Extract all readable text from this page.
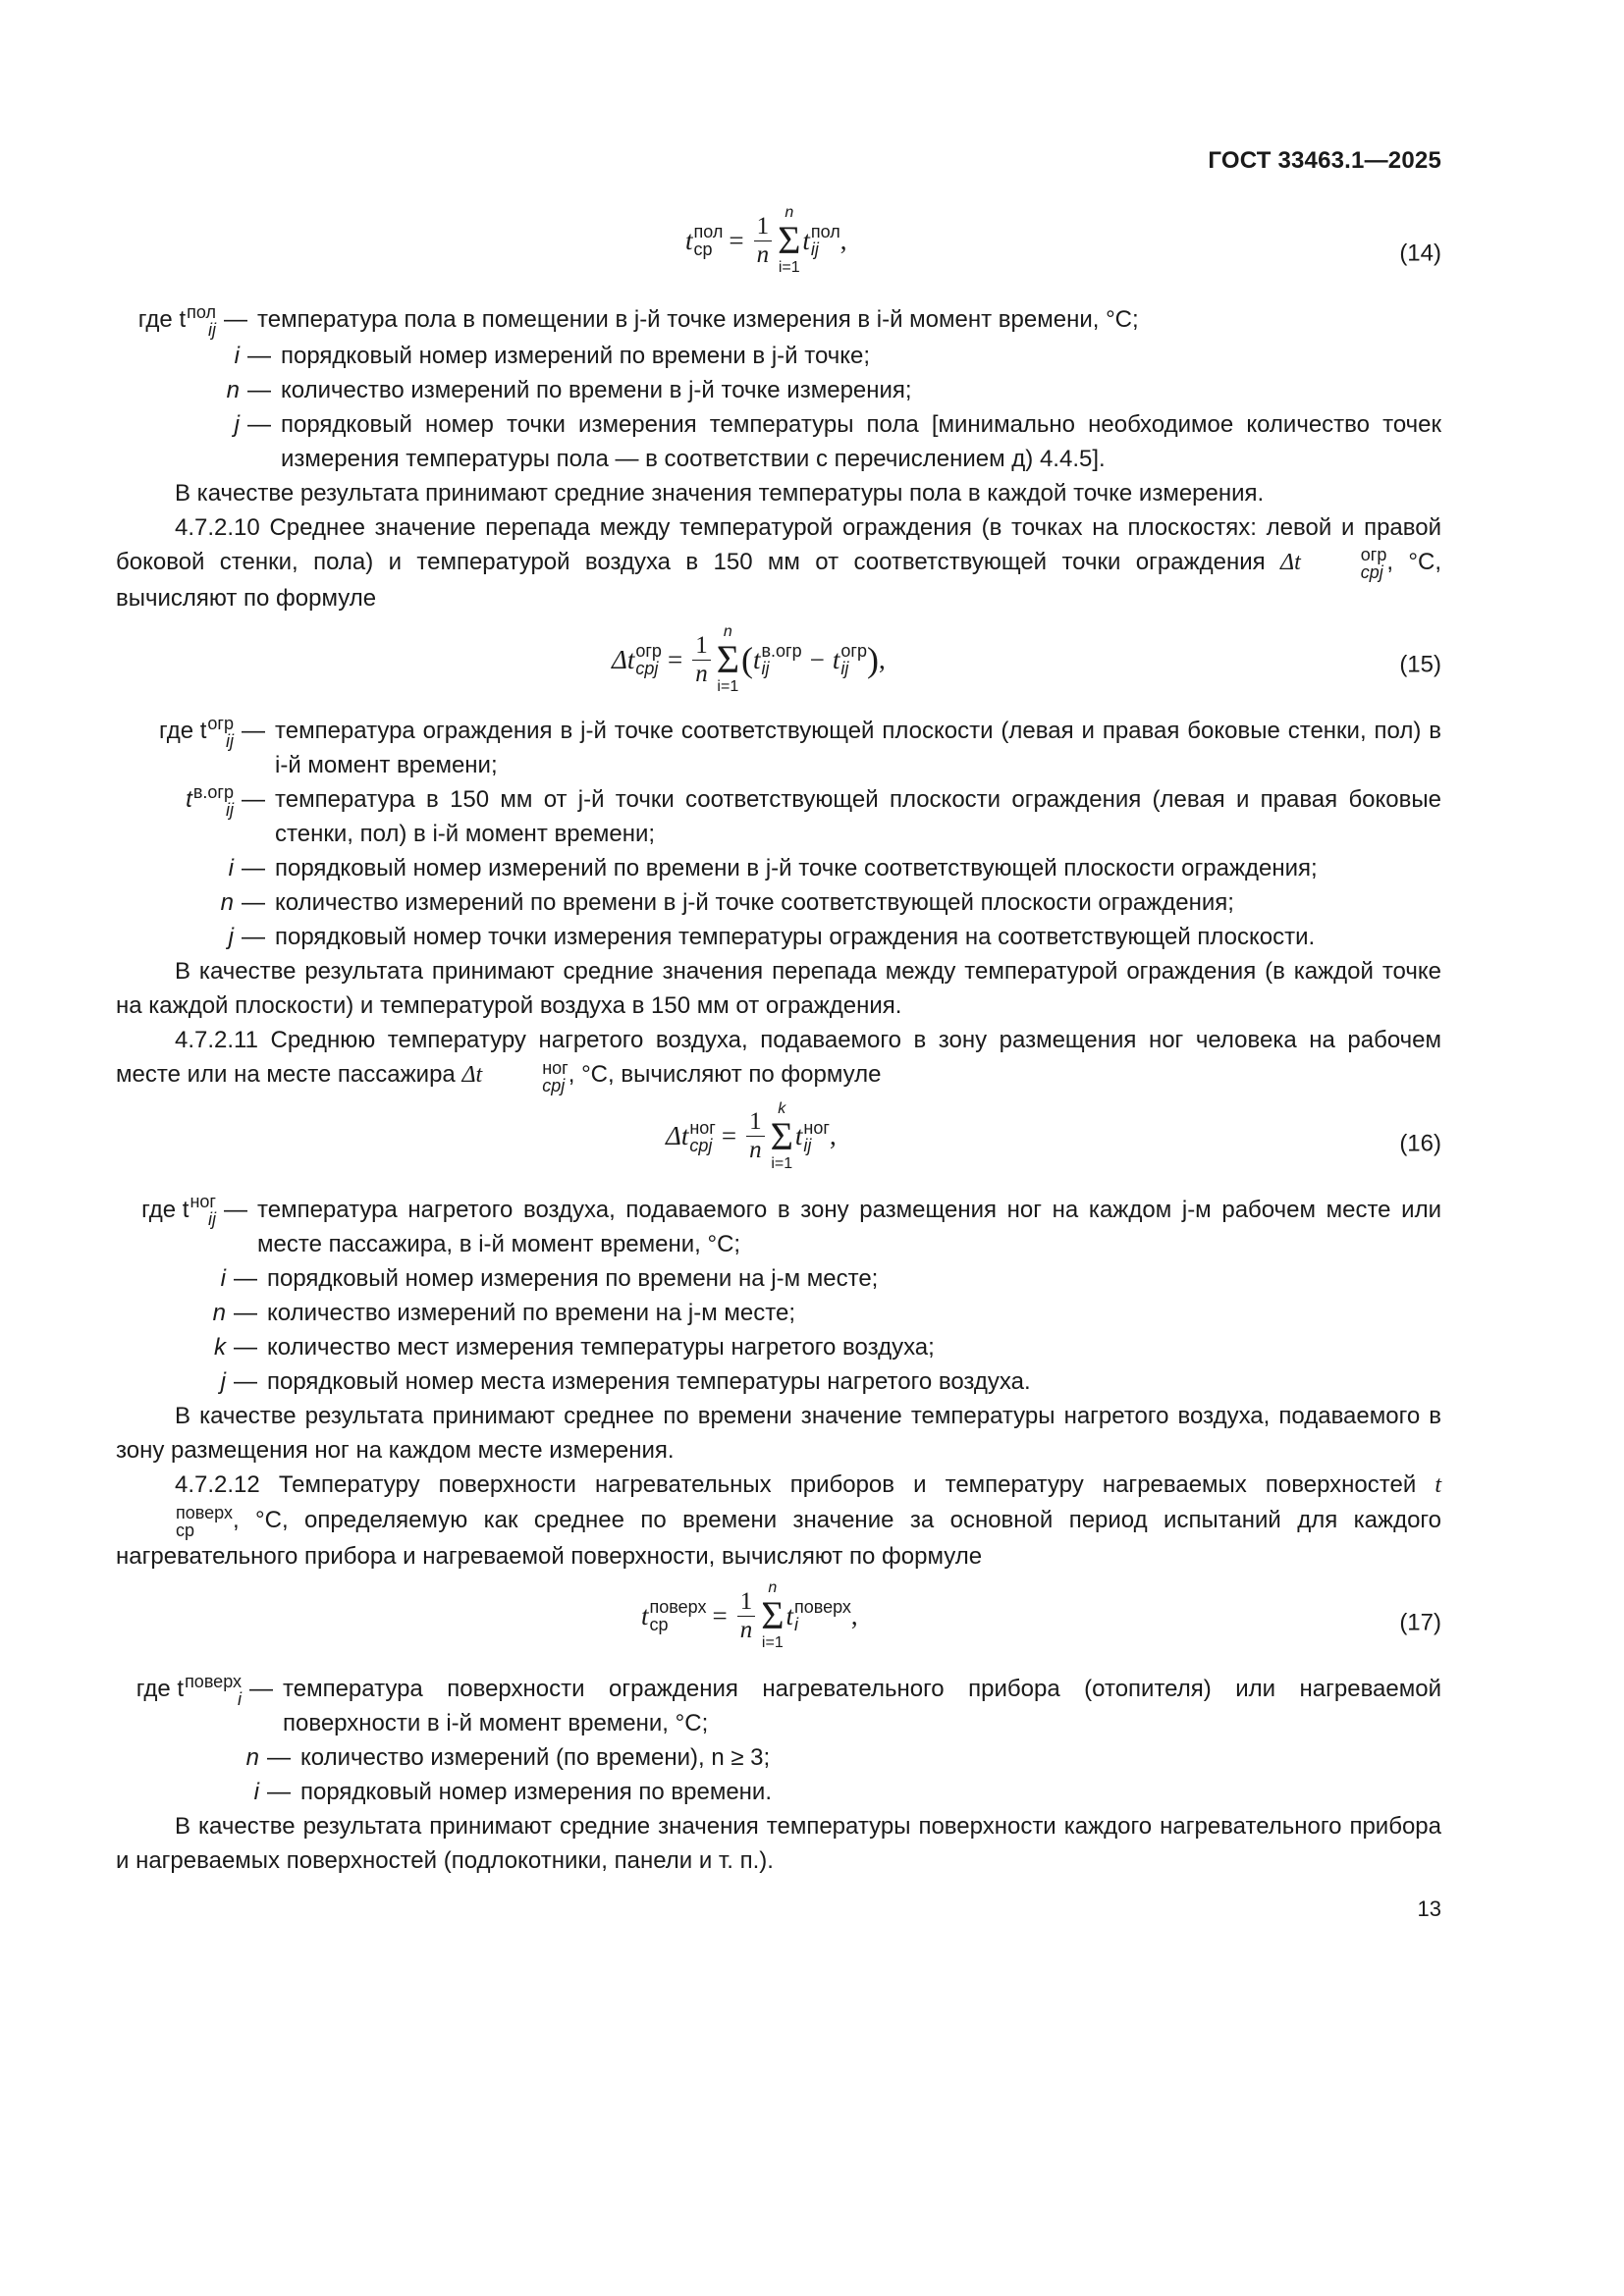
ГОСТ 33463.1—2025
t пол
ср = $\frac{1}{n}$ n
Σ
i=1
t пол
ij ,	(14)
где t пол
ij — температура пола в помещении в j-й точке измерения в i-й момент времени, °С;
i — порядковый номер измерений по времени в j-й точке;
n — количество измерений по времени в j-й точке измерения;
j — порядковый номер точки измерения температуры пола [минимально необходимое количество точек измерения температуры пола — в соответствии с перечислением д) 4.4.5].

В качестве результата принимают средние значения температуры пола в каждой точке измерения.

4.7.2.10 Среднее значение перепада между температурой ограждения (в точках на плоскостях: левой и правой боковой стенки, пола) и температурой воздуха в 150 мм от соответствующей точки ограждения Δt	огр
срj , °С, вычисляют по формуле

Δt огр
срj = $\frac{1}{n}$ n
Σ
i=1
( t в.огр
ij	− t огр
ij ) ,	(15)
где t огр
ij — температура ограждения в j-й точке соответствующей плоскости (левая и правая боковые стенки, пол) в i-й момент времени;
t в.огр
ij — температура в 150 мм от j-й точки соответствующей плоскости ограждения (левая и правая боковые стенки, пол) в i-й момент времени;
i — порядковый номер измерений по времени в j-й точке соответствующей плоскости ограждения;
n — количество измерений по времени в j-й точке соответствующей плоскости ограждения;
j — порядковый номер точки измерения температуры ограждения на соответствующей плоскости.

В качестве результата принимают средние значения перепада между температурой ограждения (в каждой точке на каждой плоскости) и температурой воздуха в 150 мм от ограждения.

4.7.2.11 Среднюю температуру нагретого воздуха, подаваемого в зону размещения ног человека на рабочем месте или на месте пассажира Δt	ног
срj , °С, вычисляют по формуле

Δt ног
срj = $\frac{1}{n}$ k
Σ
i=1
t ног
ij ,	(16)
где t ног
ij — температура нагретого воздуха, подаваемого в зону размещения ног на каждом j-м рабочем месте или месте пассажира, в i-й момент времени, °С;
i — порядковый номер измерения по времени на j-м месте;
n — количество измерений по времени на j-м месте;
k — количество мест измерения температуры нагретого воздуха;
j — порядковый номер места измерения температуры нагретого воздуха.

В качестве результата принимают среднее по времени значение температуры нагретого воздуха, подаваемого в зону размещения ног на каждом месте измерения.

4.7.2.12 Температуру поверхности нагревательных приборов и температуру нагреваемых поверхностей t
поверх
ср	, °С, определяемую как среднее по времени значение за основной период испытаний для каждого нагревательного прибора и нагреваемой поверхности, вычисляют по формуле

t поверх
ср	= $\frac{1}{n}$ n
Σ
i=1
t поверх
i	,	(17)
где t поверх
i — температура поверхности ограждения нагревательного прибора (отопителя) или нагреваемой поверхности в i-й момент времени, °С;
n — количество измерений (по времени), n ≥ 3;
i — порядковый номер измерения по времени.

В качестве результата принимают средние значения температуры поверхности каждого нагревательного прибора и нагреваемых поверхностей (подлокотники, панели и т. п.).

13
